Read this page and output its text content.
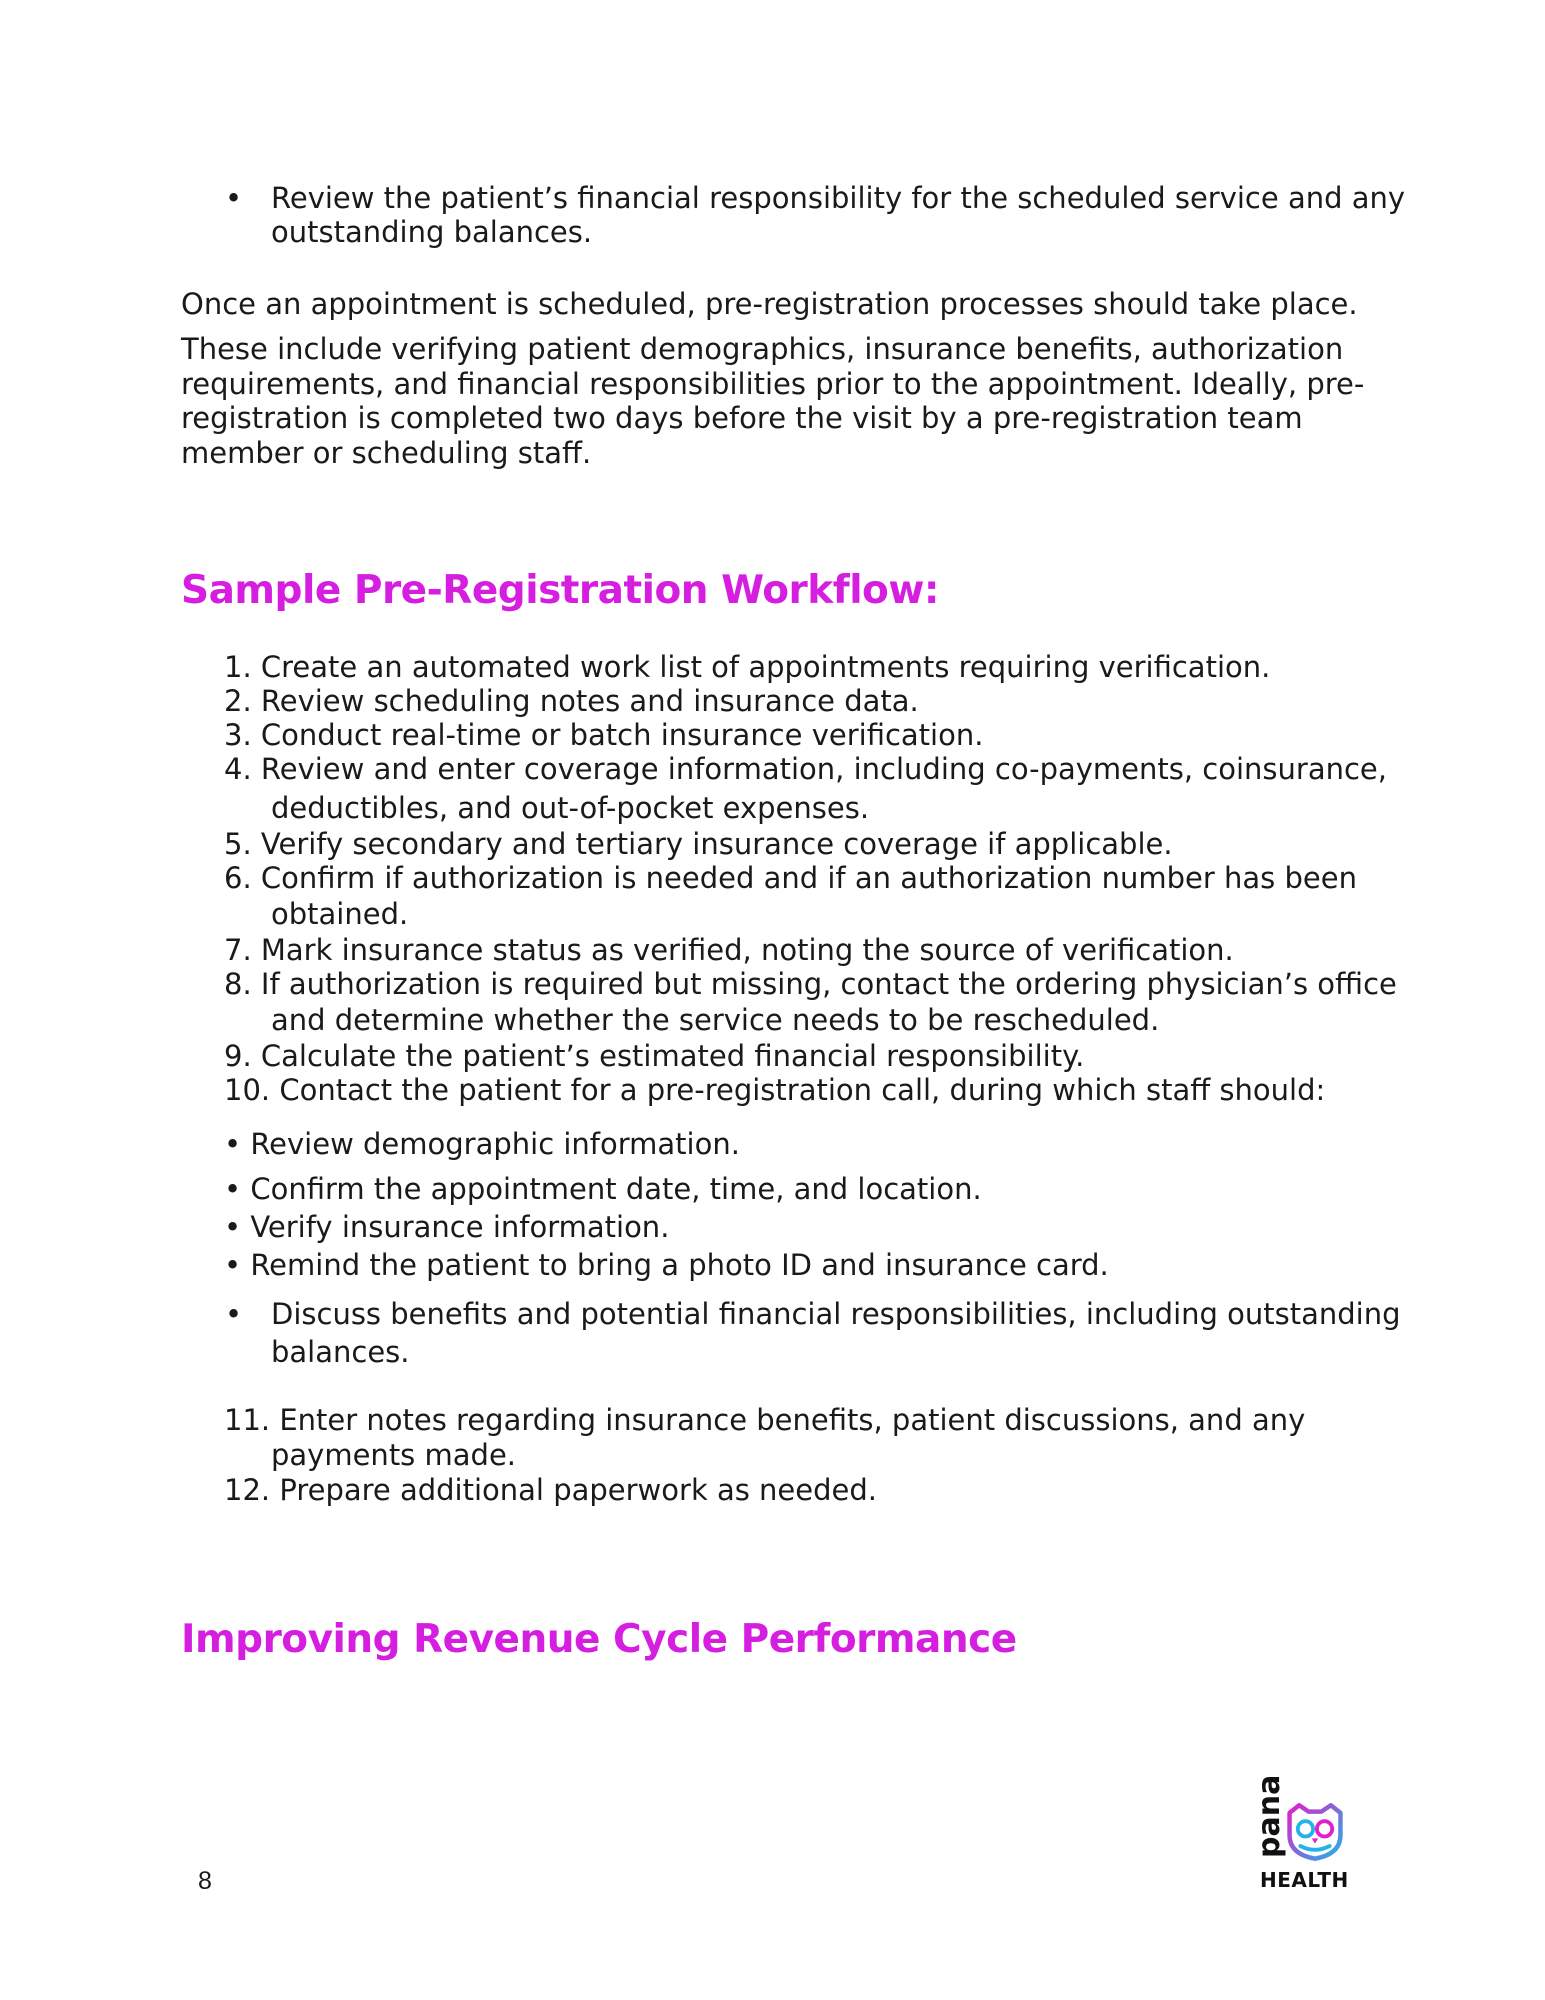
• Review the patient’s financial responsibility for the scheduled service and any
outstanding balances.
Once an appointment is scheduled, pre-registration processes should take place.
These include verifying patient demographics, insurance benefits, authorization
requirements, and financial responsibilities prior to the appointment. Ideally, pre-
registration is completed two days before the visit by a pre-registration team
member or scheduling staff.
Sample Pre-Registration Workflow:
1. Create an automated work list of appointments requiring verification.
2. Review scheduling notes and insurance data.
3. Conduct real-time or batch insurance verification.
4. Review and enter coverage information, including co-payments, coinsurance,
deductibles, and out-of-pocket expenses.
5. Verify secondary and tertiary insurance coverage if applicable.
6. Confirm if authorization is needed and if an authorization number has been
obtained.
7. Mark insurance status as verified, noting the source of verification.
8. If authorization is required but missing, contact the ordering physician’s office
and determine whether the service needs to be rescheduled.
9. Calculate the patient’s estimated financial responsibility.
10. Contact the patient for a pre-registration call, during which staff should:
• Review demographic information.
• Confirm the appointment date, time, and location.
• Verify insurance information.
• Remind the patient to bring a photo ID and insurance card.
• Discuss benefits and potential financial responsibilities, including outstanding
balances.
11. Enter notes regarding insurance benefits, patient discussions, and any
payments made.
12. Prepare additional paperwork as needed.
Improving Revenue Cycle Performance
8
pana
HEALTH
